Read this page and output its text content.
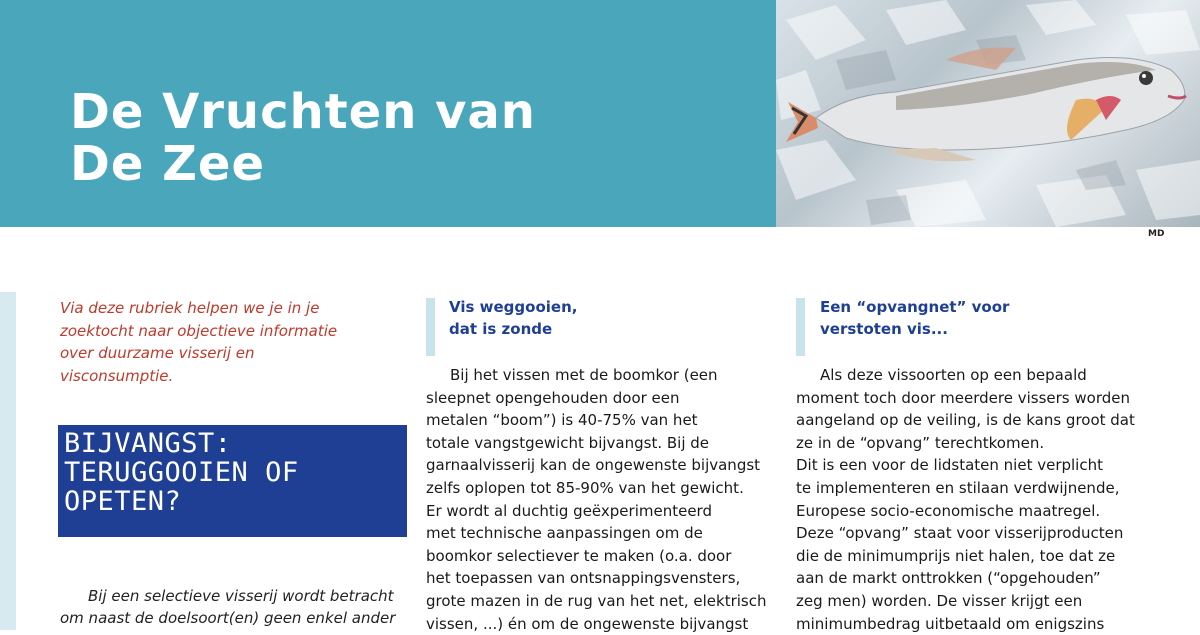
De Vruchten van
De Zee
MD

Via deze rubriek helpen we je in je
zoektocht naar objectieve informatie
over duurzame visserij en
visconsumptie.

BIJVANGST:
TERUGGOOIEN OF
OPETEN?

Bij een selectieve visserij wordt betracht
om naast de doelsoort(en) geen enkel ander

Vis weggooien,
dat is zonde

Bij het vissen met de boomkor (een
sleepnet opengehouden door een
metalen “boom”) is 40-75% van het
totale vangstgewicht bijvangst. Bij de
garnaalvisserij kan de ongewenste bijvangst
zelfs oplopen tot 85-90% van het gewicht.
Er wordt al duchtig geëxperimenteerd
met technische aanpassingen om de
boomkor selectiever te maken (o.a. door
het toepassen van ontsnappingsvensters,
grote mazen in de rug van het net, elektrisch
vissen, ...) én om de ongewenste bijvangst

Een “opvangnet” voor
verstoten vis...

Als deze vissoorten op een bepaald
moment toch door meerdere vissers worden
aangeland op de veiling, is de kans groot dat
ze in de “opvang” terechtkomen.
Dit is een voor de lidstaten niet verplicht
te implementeren en stilaan verdwijnende,
Europese socio-economische maatregel.
Deze “opvang” staat voor visserijproducten
die de minimumprijs niet halen, toe dat ze
aan de markt onttrokken (“opgehouden”
zeg men) worden. De visser krijgt een
minimumbedrag uitbetaald om enigszins
